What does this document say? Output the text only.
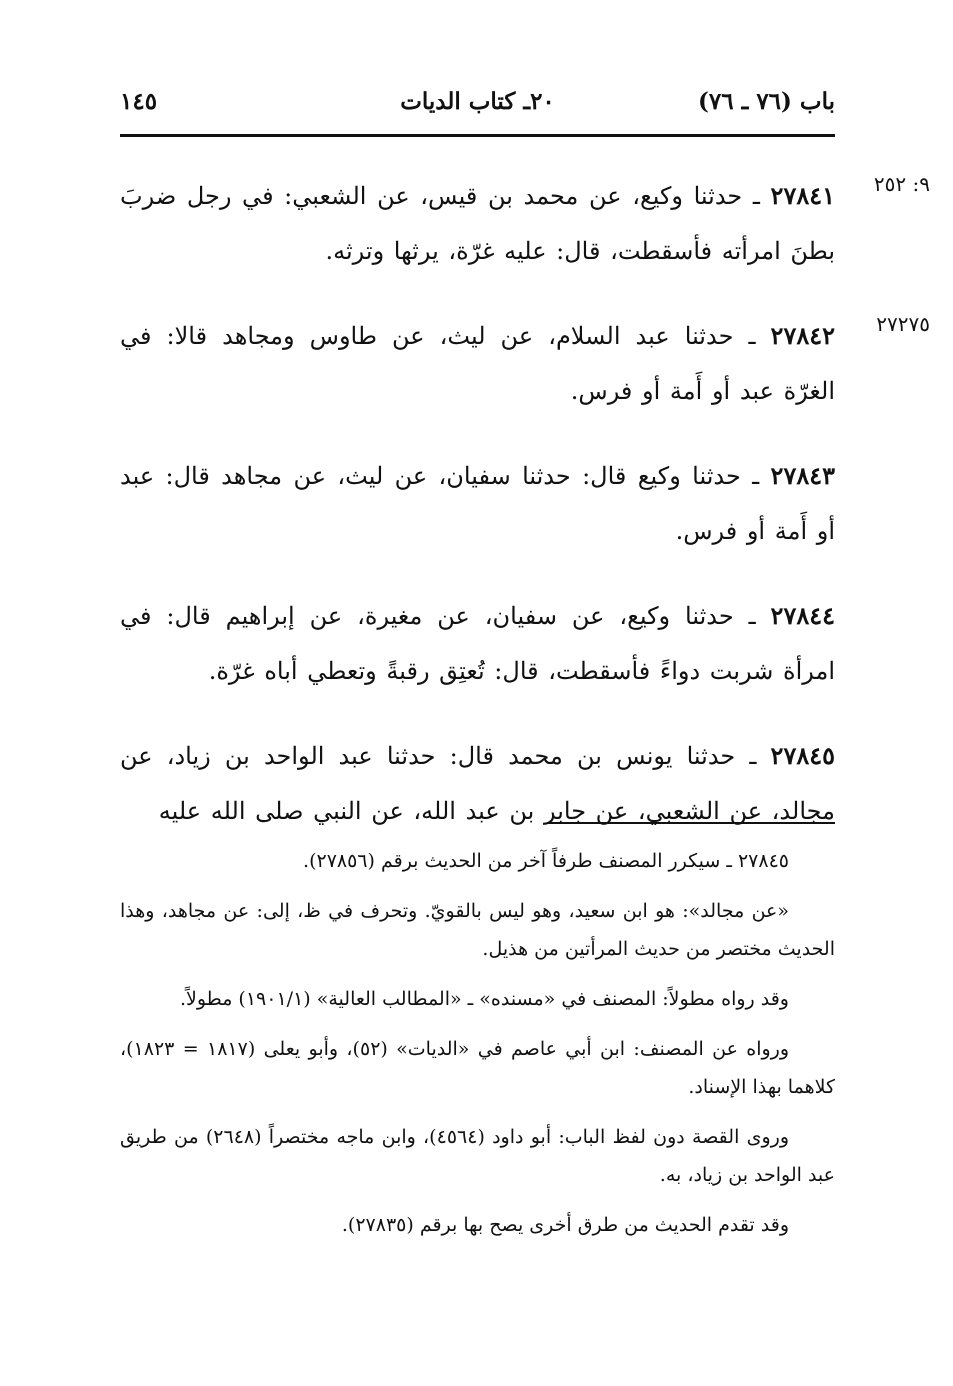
باب (٧٦ ـ ٧٦)
٢٠ـ كتاب الديات
١٤٥
٩: ٢٥٢

٢٧٨٤١ ـ حدثنا وكيع، عن محمد بن قيس، عن الشعبي: في رجل ضربَ بطنَ امرأته فأسقطت، قال: عليه غرّة، يرثها وترثه.

٢٧٢٧٥

٢٧٨٤٢ ـ حدثنا عبد السلام، عن ليث، عن طاوس ومجاهد قالا: في الغرّة عبد أو أَمة أو فرس.

٢٧٨٤٣ ـ حدثنا وكيع قال: حدثنا سفيان، عن ليث، عن مجاهد قال: عبد أو أَمة أو فرس.

٢٧٨٤٤ ـ حدثنا وكيع، عن سفيان، عن مغيرة، عن إبراهيم قال: في امرأة شربت دواءً فأسقطت، قال: تُعتِق رقبةً وتعطي أباه غرّة.

٢٧٨٤٥ ـ حدثنا يونس بن محمد قال: حدثنا عبد الواحد بن زياد، عن مجالد، عن الشعبي، عن جابر بن عبد الله، عن النبي صلى الله عليه

٢٧٨٤٥ ـ سيكرر المصنف طرفاً آخر من الحديث برقم (٢٧٨٥٦).

«عن مجالد»: هو ابن سعيد، وهو ليس بالقويّ. وتحرف في ظ، إلى: عن مجاهد، وهذا الحديث مختصر من حديث المرأتين من هذيل.

وقد رواه مطولاً: المصنف في «مسنده» ـ «المطالب العالية» (١٩٠١/١) مطولاً.

ورواه عن المصنف: ابن أبي عاصم في «الديات» (٥٢)، وأبو يعلى (١٨١٧ = ١٨٢٣)، كلاهما بهذا الإسناد.

وروى القصة دون لفظ الباب: أبو داود (٤٥٦٤)، وابن ماجه مختصراً (٢٦٤٨) من طريق عبد الواحد بن زياد، به.

وقد تقدم الحديث من طرق أخرى يصح بها برقم (٢٧٨٣٥).
